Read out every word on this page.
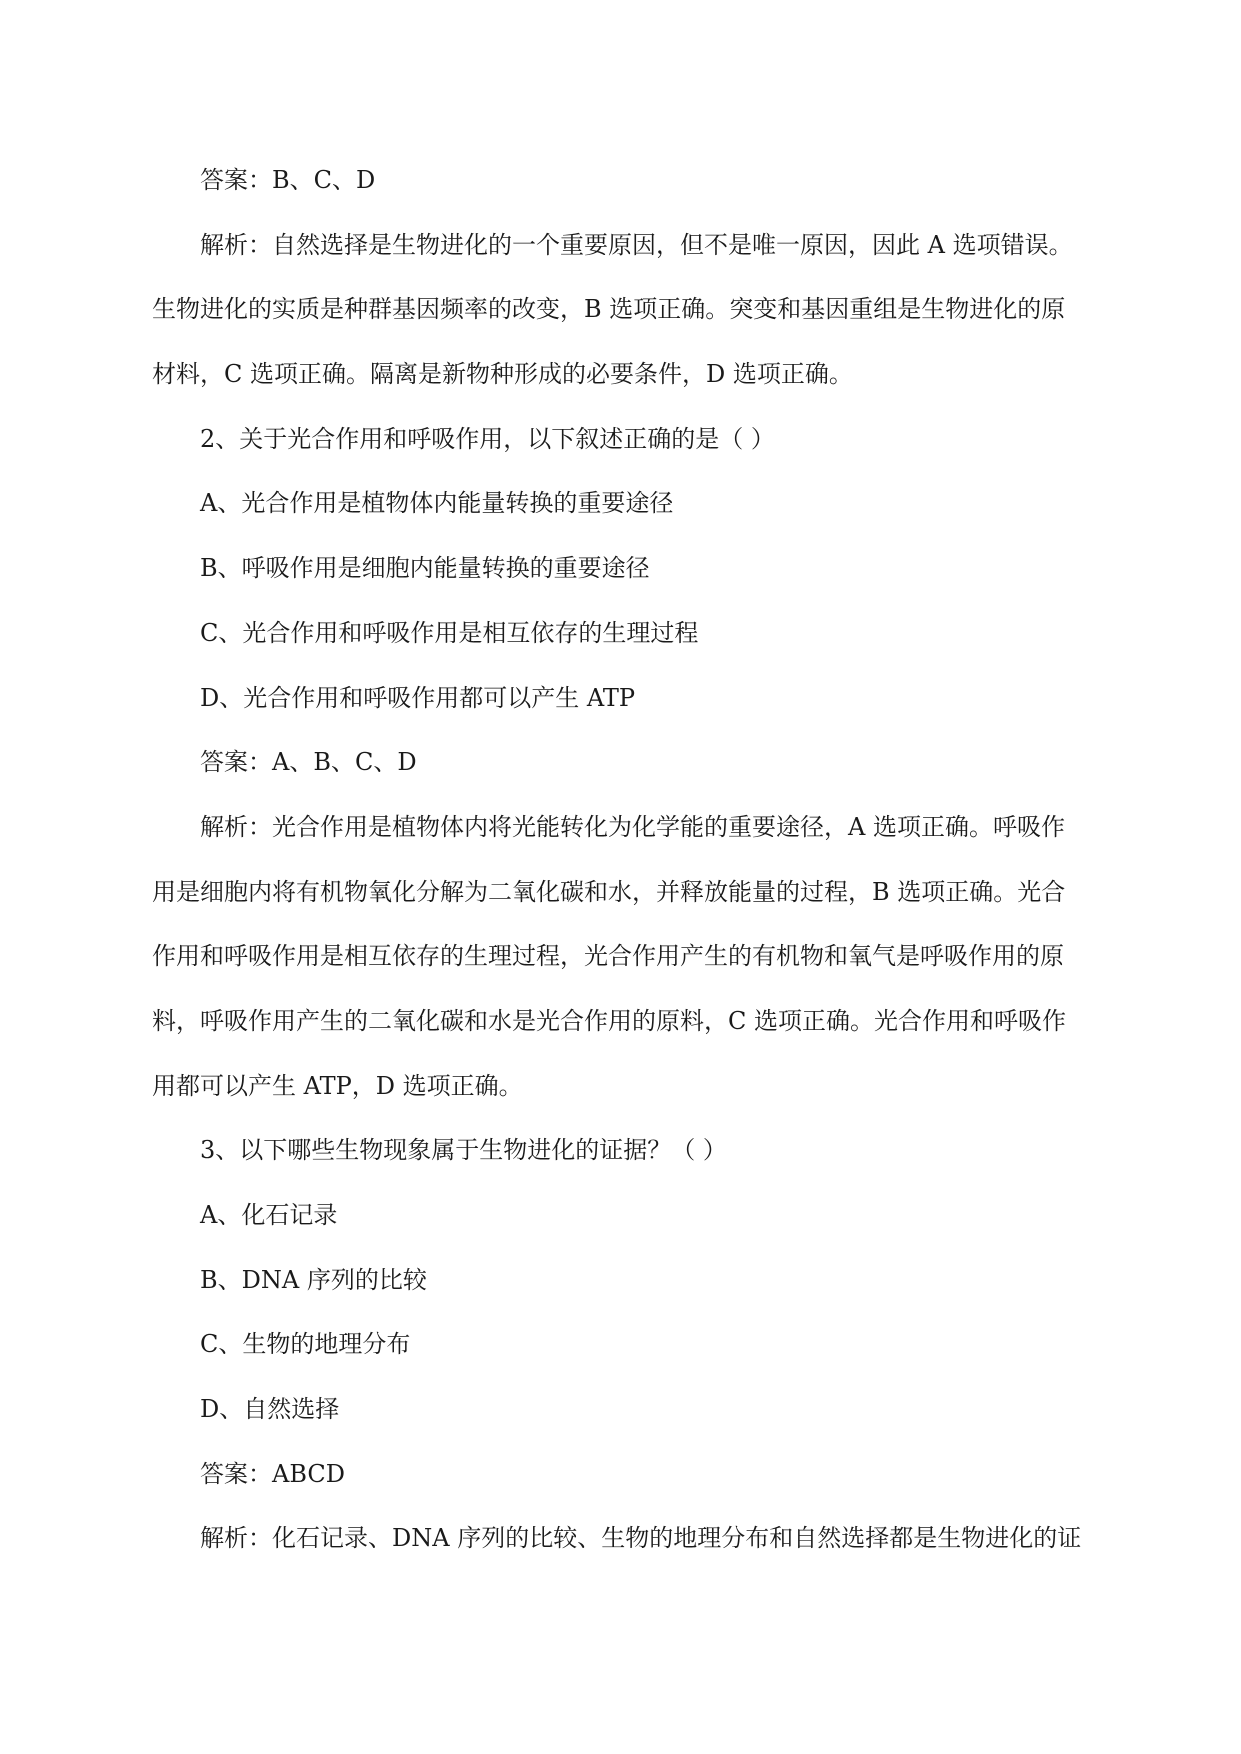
答案：B、C、D

解析：自然选择是生物进化的一个重要原因，但不是唯一原因，因此 A 选项错误。

生物进化的实质是种群基因频率的改变，B 选项正确。突变和基因重组是生物进化的原

材料，C 选项正确。隔离是新物种形成的必要条件，D 选项正确。

2、关于光合作用和呼吸作用，以下叙述正确的是（ ）

A、光合作用是植物体内能量转换的重要途径

B、呼吸作用是细胞内能量转换的重要途径

C、光合作用和呼吸作用是相互依存的生理过程

D、光合作用和呼吸作用都可以产生 ATP

答案：A、B、C、D

解析：光合作用是植物体内将光能转化为化学能的重要途径，A 选项正确。呼吸作

用是细胞内将有机物氧化分解为二氧化碳和水，并释放能量的过程，B 选项正确。光合

作用和呼吸作用是相互依存的生理过程，光合作用产生的有机物和氧气是呼吸作用的原

料，呼吸作用产生的二氧化碳和水是光合作用的原料，C 选项正确。光合作用和呼吸作

用都可以产生 ATP，D 选项正确。

3、以下哪些生物现象属于生物进化的证据？（ ）

A、化石记录

B、DNA 序列的比较

C、生物的地理分布

D、自然选择

答案：ABCD

解析：化石记录、DNA 序列的比较、生物的地理分布和自然选择都是生物进化的证
